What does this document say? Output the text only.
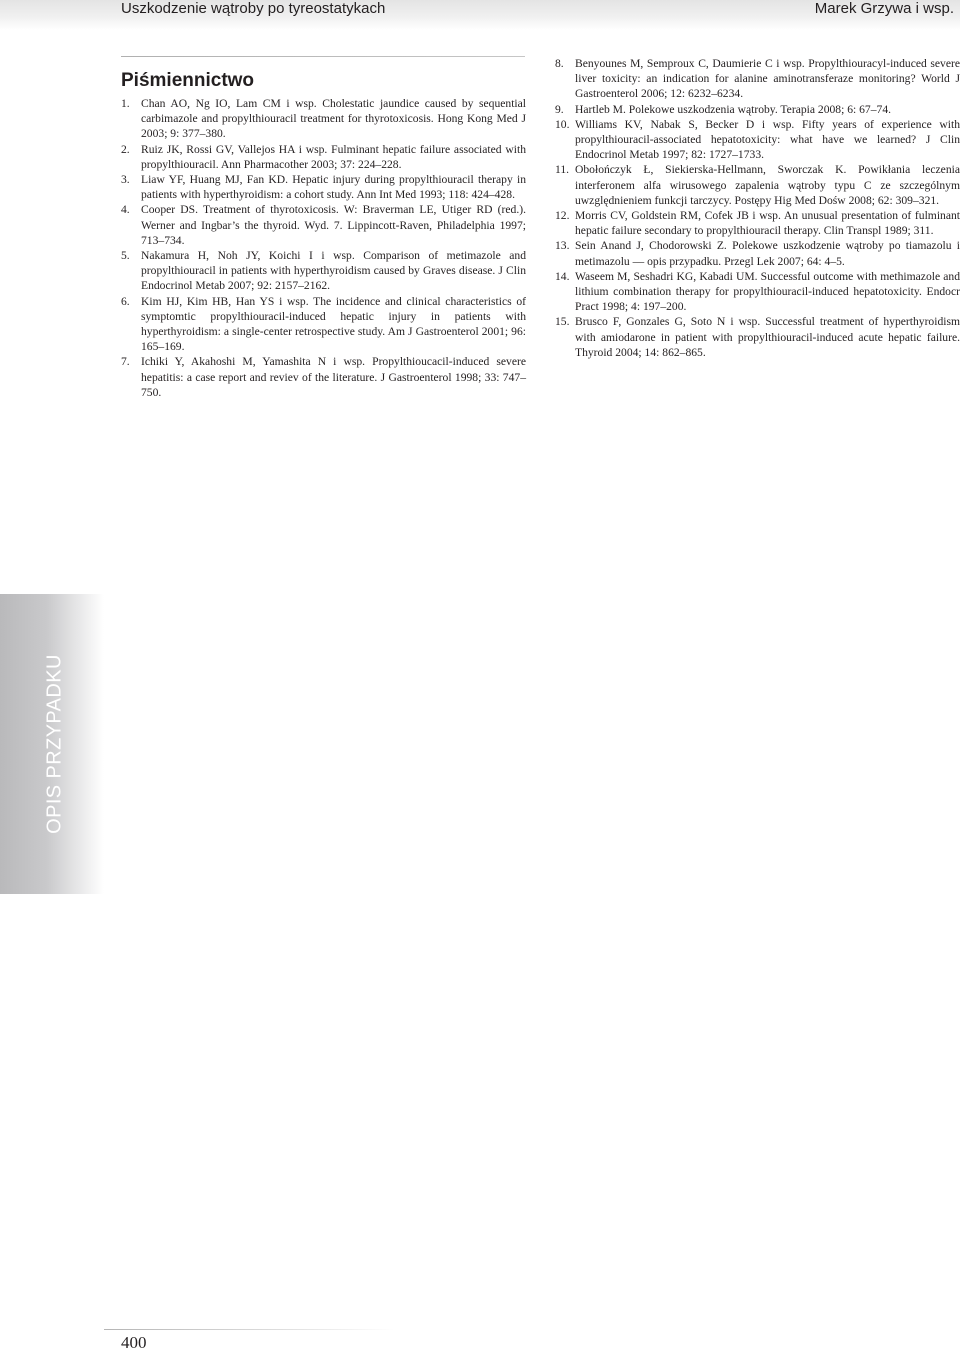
Uszkodzenie wątroby po tyreostatykach	Marek Grzywa i wsp.
OPIS PRZYPADKU
Piśmiennictwo

1. Chan AO, Ng IO, Lam CM i wsp. Cholestatic jaundice caused by sequential carbimazole and propylthiouracil treatment for thyrotoxicosis. Hong Kong Med J 2003; 9: 377–380.

2. Ruiz JK, Rossi GV, Vallejos HA i wsp. Fulminant hepatic failure associated with propylthiouracil. Ann Pharmacother 2003; 37: 224–228.

3. Liaw YF, Huang MJ, Fan KD. Hepatic injury during propylthiouracil therapy in patients with hyperthyroidism: a cohort study. Ann Int Med 1993; 118: 424–428.

4. Cooper DS. Treatment of thyrotoxicosis. W: Braverman LE, Utiger RD (red.). Werner and Ingbar’s the thyroid. Wyd. 7. Lippincott-Raven, Philadelphia 1997; 713–734.

5. Nakamura H, Noh JY, Koichi I i wsp. Comparison of metimazole and propylthiouracil in patients with hyperthyroidism caused by Graves disease. J Clin Endocrinol Metab 2007; 92: 2157–2162.

6. Kim HJ, Kim HB, Han YS i wsp. The incidence and clinical characteristics of symptomtic propylthiouracil-induced hepatic injury in patients with hyperthyroidism: a single-center retrospective study. Am J Gastroenterol 2001; 96: 165–169.

7. Ichiki Y, Akahoshi M, Yamashita N i wsp. Propylthioucacil-induced severe hepatitis: a case report and reviev of the literature. J Gastroenterol 1998; 33: 747–750.

8. Benyounes M, Semproux C, Daumierie C i wsp. Propylthiouracyl-induced severe liver toxicity: an indication for alanine aminotransferaze monitoring? World J Gastroenterol 2006; 12: 6232–6234.

9. Hartleb M. Polekowe uszkodzenia wątroby. Terapia 2008; 6: 67–74.

10. Williams KV, Nabak S, Becker D i wsp. Fifty years of experience with propylthiouracil-associated hepatotoxicity: what have we learned? J Clin Endocrinol Metab 1997; 82: 1727–1733.

11. Obołończyk Ł, Siekierska-Hellmann, Sworczak K. Powikłania leczenia interferonem alfa wirusowego zapalenia wątroby typu C ze szczególnym uwzględnieniem funkcji tarczycy. Postępy Hig Med Dośw 2008; 62: 309–321.

12. Morris CV, Goldstein RM, Cofek JB i wsp. An unusual presentation of fulminant hepatic failure secondary to propylthiouracil therapy. Clin Transpl 1989; 311.

13. Sein Anand J, Chodorowski Z. Polekowe uszkodzenie wątroby po tiamazolu i metimazolu — opis przypadku. Przegl Lek 2007; 64: 4–5.

14. Waseem M, Seshadri KG, Kabadi UM. Successful outcome with methimazole and lithium combination therapy for propylthiouracil-induced hepatotoxicity. Endocr Pract 1998; 4: 197–200.

15. Brusco F, Gonzales G, Soto N i wsp. Successful treatment of hyperthyroidism with amiodarone in patient with propylthiouracil-induced acute hepatic failure. Thyroid 2004; 14: 862–865.

400
